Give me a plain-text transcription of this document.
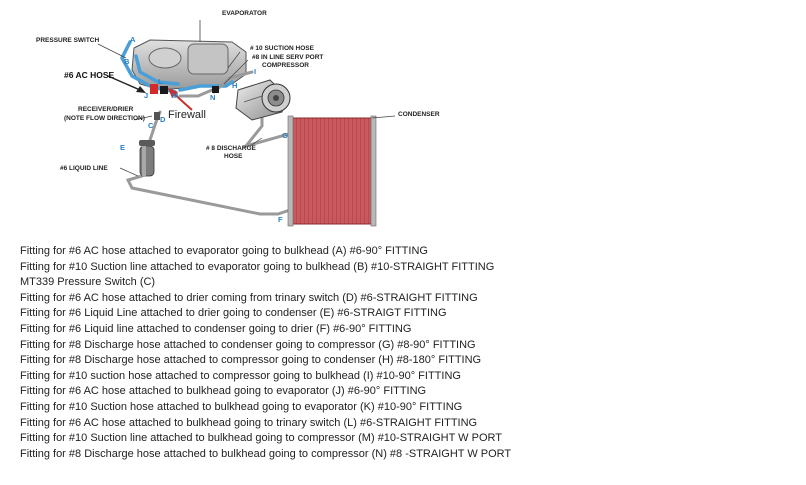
EVAPORATOR
PRESSURE SWITCH
#6 AC HOSE
# 10 SUCTION HOSE
#8 IN LINE SERV PORT
COMPRESSOR
RECEIVER/DRIER
(NOTE FLOW DIRECTION) Firewall	CONDENSER
# 8 DISCHARGE
HOSE
#6 LIQUID LINE
A
B
C
D
E
F
G
H
I
J
L
M	N
Fitting for #6 AC hose attached to evaporator going to bulkhead (A) #6-90° FITTING
Fitting for #10 Suction line attached to evaporator going to bulkhead (B) #10-STRAIGHT FITTING
MT339 Pressure Switch (C)
Fitting for #6 AC hose attached to drier coming from trinary switch (D) #6-STRAIGHT FITTING
Fitting for #6 Liquid Line attached to drier going to condenser (E) #6-STRAIGT FITTING
Fitting for #6 Liquid line attached to condenser going to drier (F) #6-90° FITTING
Fitting for #8 Discharge hose attached to condenser going to compressor (G) #8-90° FITTING
Fitting for #8 Discharge hose attached to compressor going to condenser (H) #8-180° FITTING
Fitting for #10 suction hose attached to compressor going to bulkhead (I) #10-90° FITTING
Fitting for #6 AC hose attached to bulkhead going to evaporator (J) #6-90° FITTING
Fitting for #10 Suction hose attached to bulkhead going to evaporator (K) #10-90° FITTING
Fitting for #6 AC hose attached to bulkhead going to trinary switch (L) #6-STRAIGHT FITTING
Fitting for #10 Suction line attached to bulkhead going to compressor (M) #10-STRAIGHT W PORT
Fitting for #8 Discharge hose attached to bulkhead going to compressor (N) #8 -STRAIGHT W PORT
